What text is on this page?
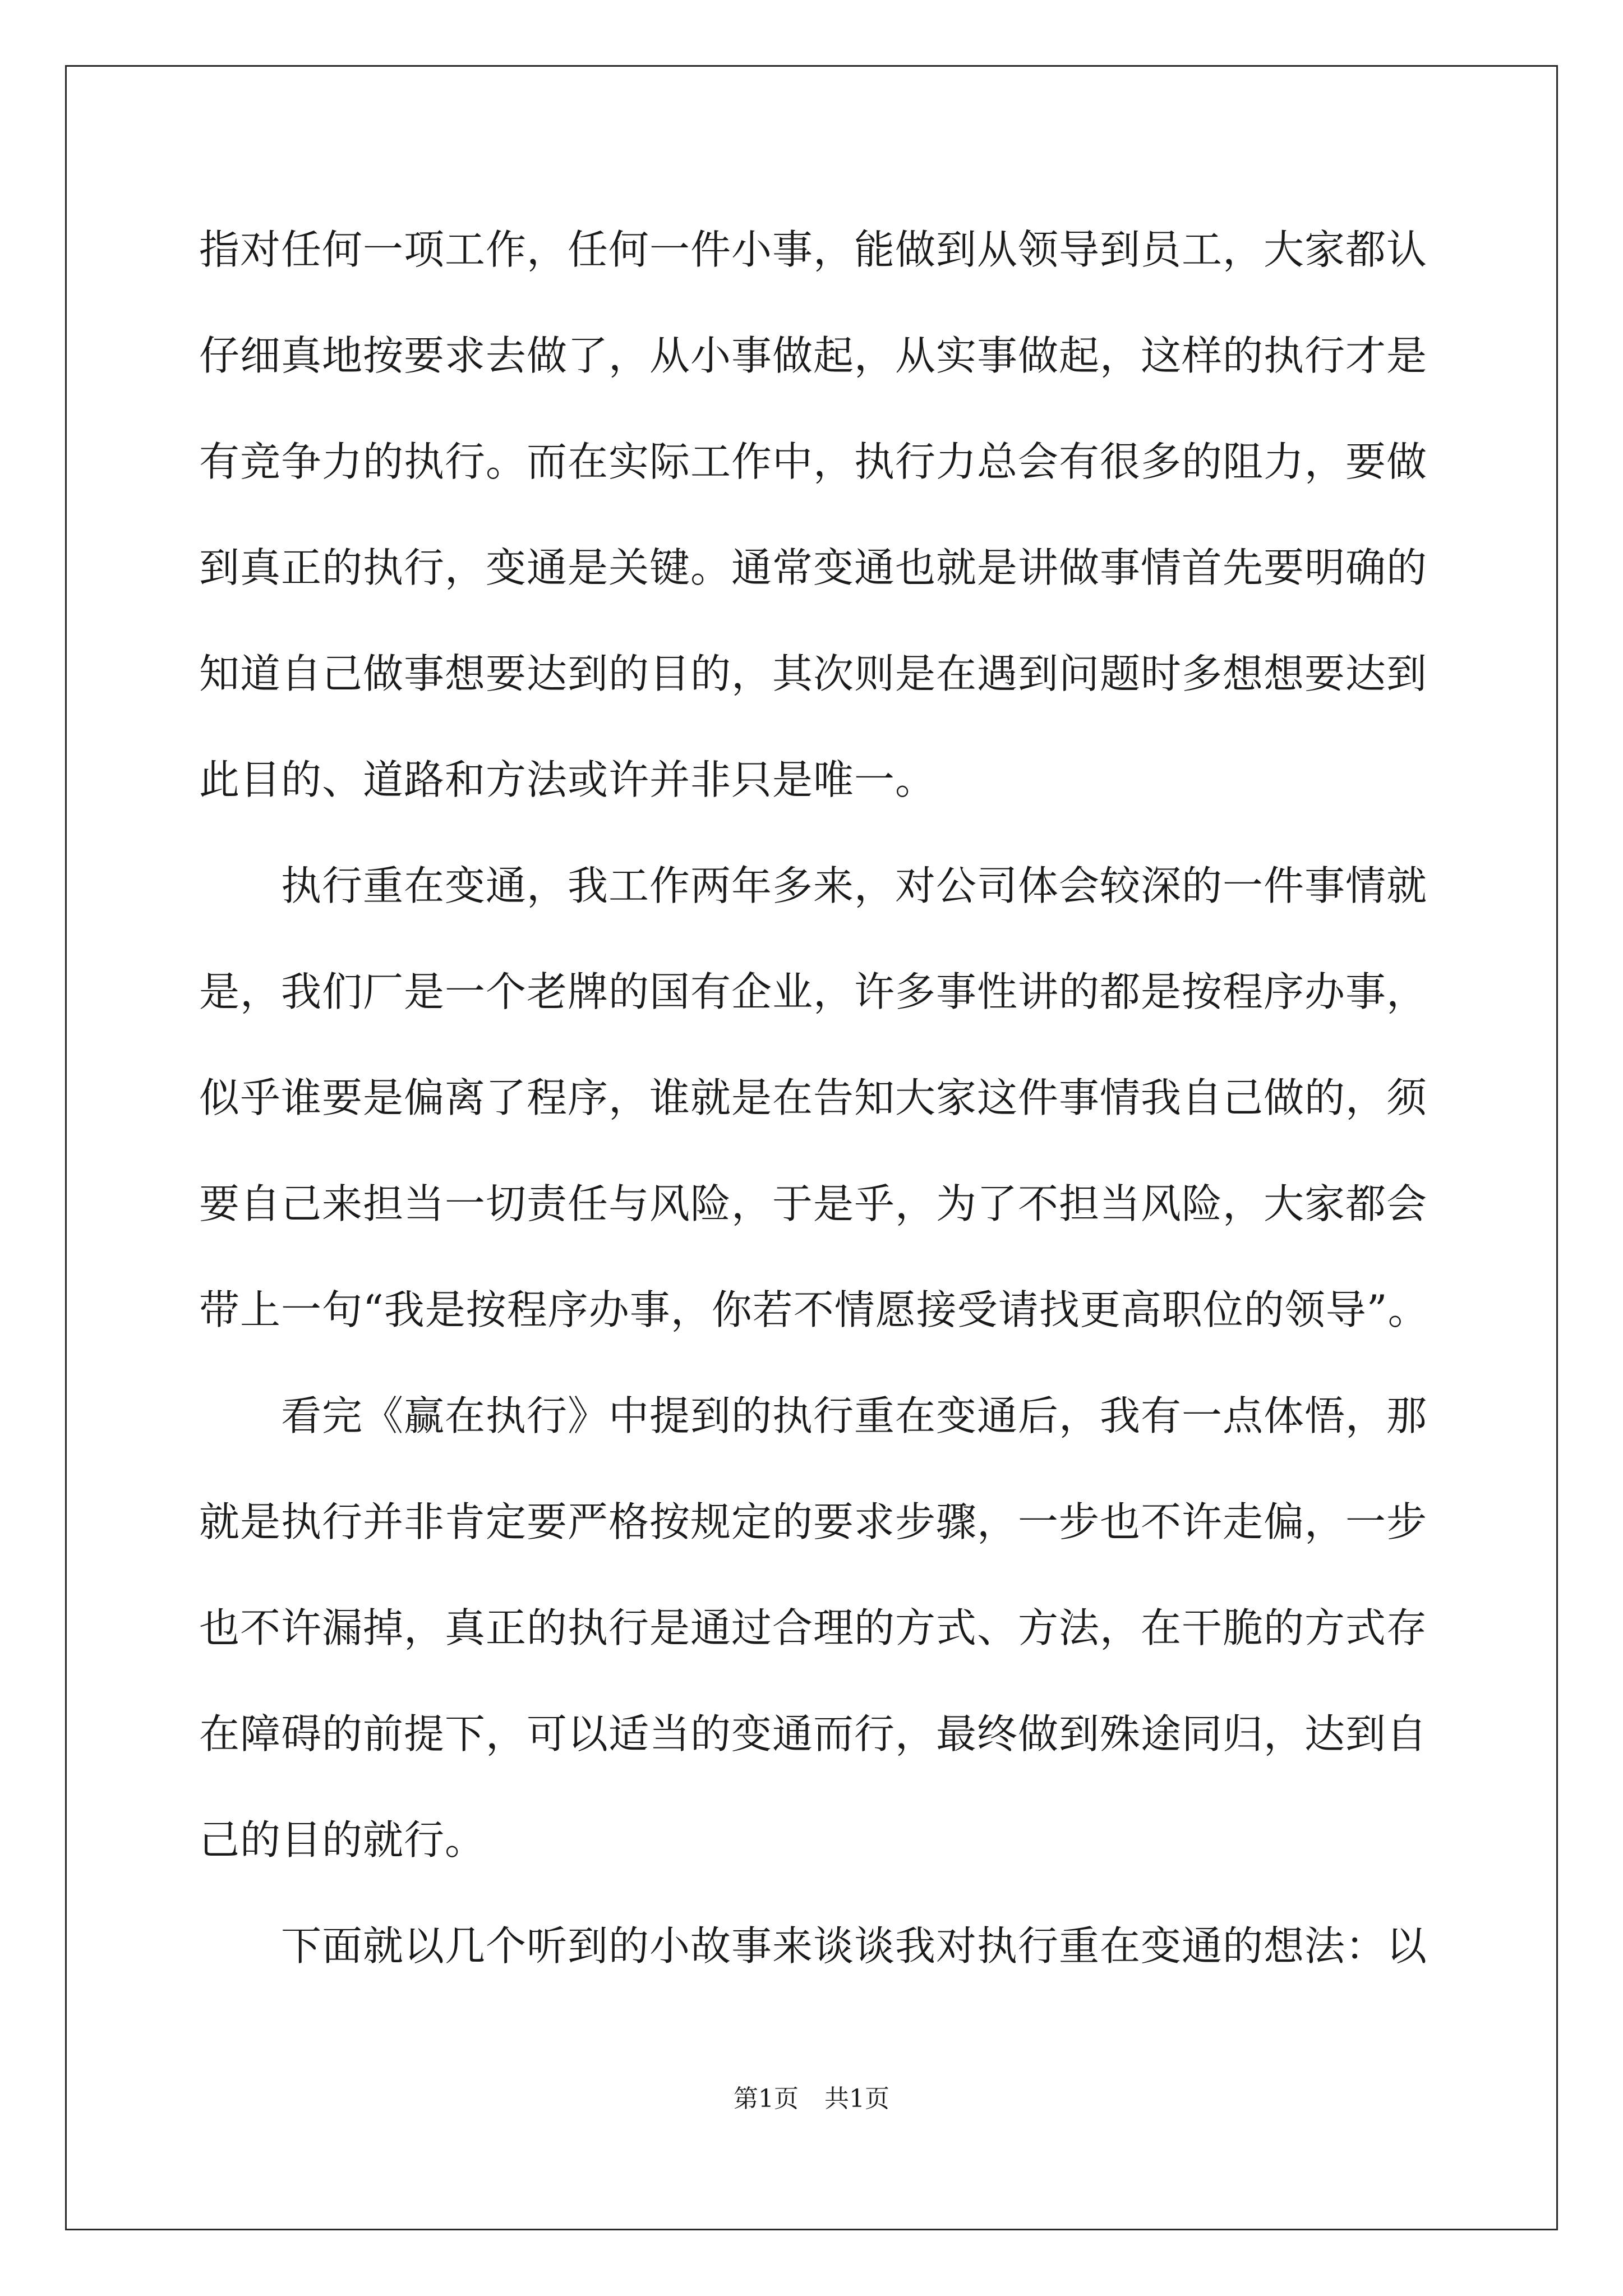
指对任何一项工作，任何一件小事，能做到从领导到员工，大家都认
仔细真地按要求去做了，从小事做起，从实事做起，这样的执行才是
有竞争力的执行。而在实际工作中，执行力总会有很多的阻力，要做
到真正的执行，变通是关键。通常变通也就是讲做事情首先要明确的
知道自己做事想要达到的目的，其次则是在遇到问题时多想想要达到
此目的、道路和方法或许并非只是唯一。
执行重在变通，我工作两年多来，对公司体会较深的一件事情就
是，我们厂是一个老牌的国有企业，许多事性讲的都是按程序办事，
似乎谁要是偏离了程序，谁就是在告知大家这件事情我自己做的，须
要自己来担当一切责任与风险，于是乎，为了不担当风险，大家都会
带上一句“我是按程序办事，你若不情愿接受请找更高职位的领导”。
看完《赢在执行》中提到的执行重在变通后，我有一点体悟，那
就是执行并非肯定要严格按规定的要求步骤，一步也不许走偏，一步
也不许漏掉，真正的执行是通过合理的方式、方法，在干脆的方式存
在障碍的前提下，可以适当的变通而行，最终做到殊途同归，达到自
己的目的就行。
下面就以几个听到的小故事来谈谈我对执行重在变通的想法：以
第1页 共1页
